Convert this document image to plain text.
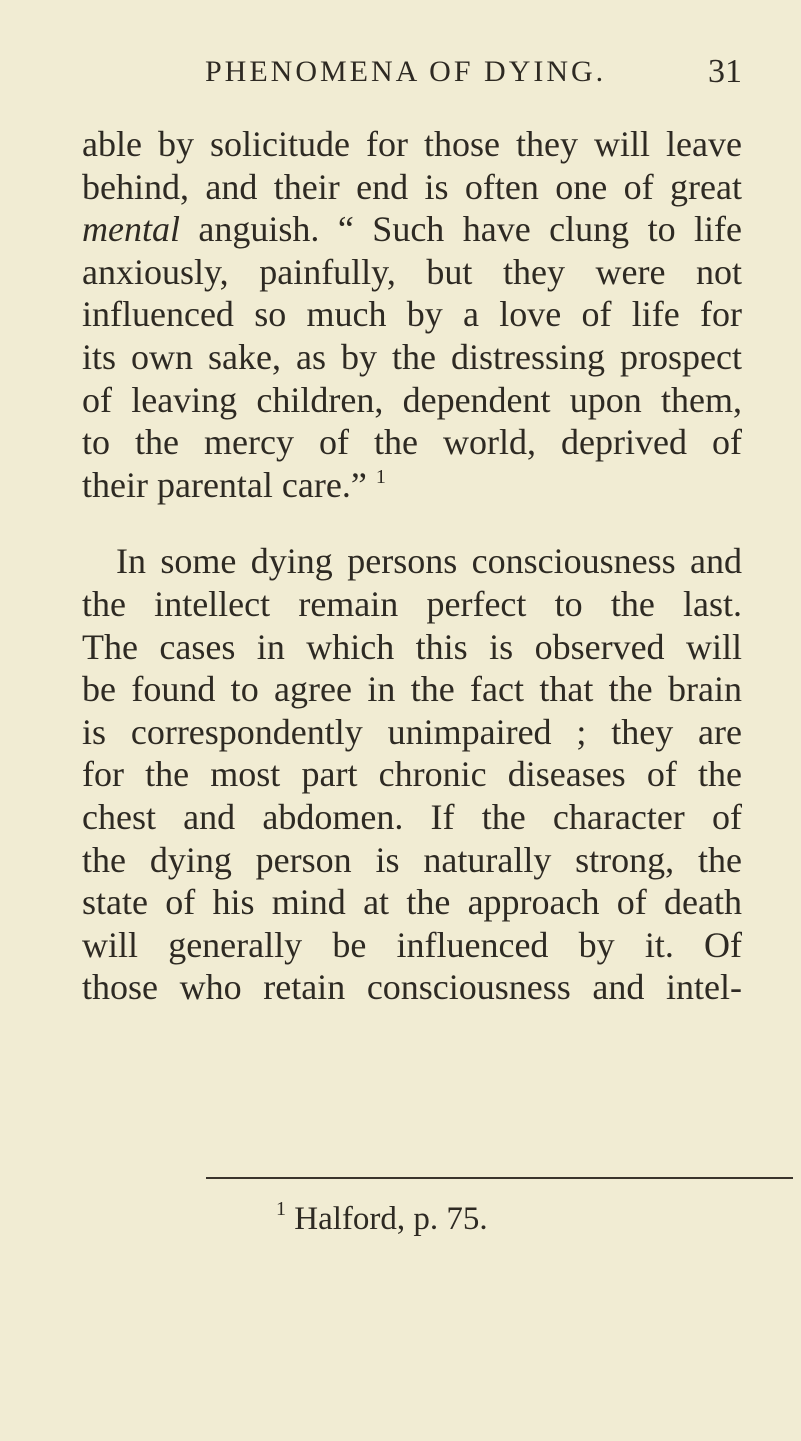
PHENOMENA OF DYING.	31
able by solicitude for those they will leave
behind, and their end is often one of great
mental anguish. “ Such have clung to life
anxiously, painfully, but they were not
influenced so much by a love of life for
its own sake, as by the distressing prospect
of leaving children, dependent upon them,
to the mercy of the world, deprived of
their parental care.” $^1$
In some dying persons consciousness and
the intellect remain perfect to the last.
The cases in which this is observed will
be found to agree in the fact that the brain
is correspondently unimpaired ; they are
for the most part chronic diseases of the
chest and abdomen. If the character of
the dying person is naturally strong, the
state of his mind at the approach of death
will generally be influenced by it. Of
those who retain consciousness and intel-
$^1$ Halford, p. 75.
